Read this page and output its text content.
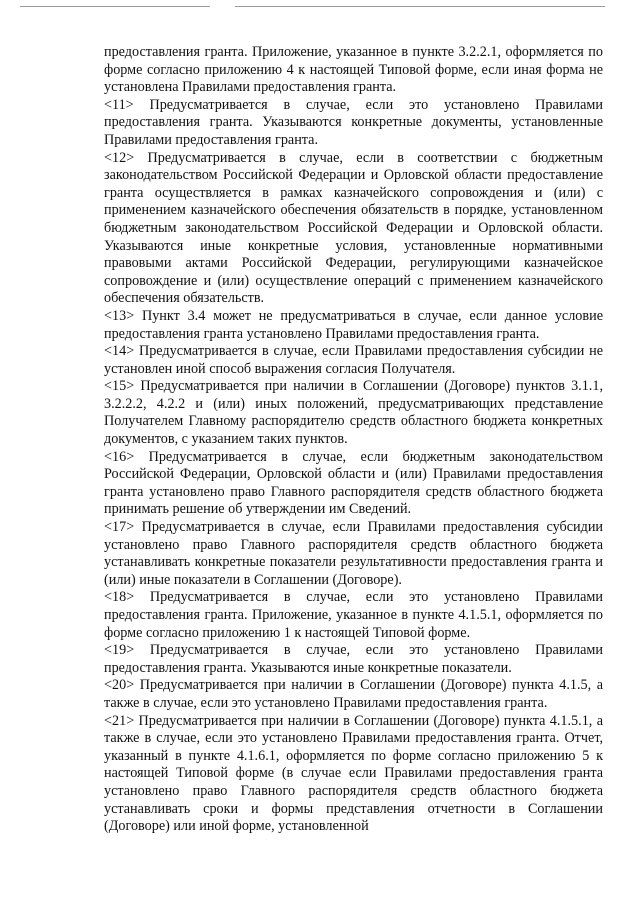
предоставления гранта. Приложение, указанное в пункте 3.2.2.1, оформляется по форме согласно приложению 4 к настоящей Типовой форме, если иная форма не установлена Правилами предоставления гранта.

<11> Предусматривается в случае, если это установлено Правилами предоставления гранта. Указываются конкретные документы, установленные Правилами предоставления гранта.

<12> Предусматривается в случае, если в соответствии с бюджетным законодательством Российской Федерации и Орловской области предоставление гранта осуществляется в рамках казначейского сопровождения и (или) с применением казначейского обеспечения обязательств в порядке, установленном бюджетным законодательством Российской Федерации и Орловской области. Указываются иные конкретные условия, установленные нормативными правовыми актами Российской Федерации, регулирующими казначейское сопровождение и (или) осуществление операций с применением казначейского обеспечения обязательств.

<13> Пункт 3.4 может не предусматриваться в случае, если данное условие предоставления гранта установлено Правилами предоставления гранта.

<14> Предусматривается в случае, если Правилами предоставления субсидии не установлен иной способ выражения согласия Получателя.

<15> Предусматривается при наличии в Соглашении (Договоре) пунктов 3.1.1, 3.2.2.2, 4.2.2 и (или) иных положений, предусматривающих представление Получателем Главному распорядителю средств областного бюджета конкретных документов, с указанием таких пунктов.

<16> Предусматривается в случае, если бюджетным законодательством Российской Федерации, Орловской области и (или) Правилами предоставления гранта установлено право Главного распорядителя средств областного бюджета принимать решение об утверждении им Сведений.

<17> Предусматривается в случае, если Правилами предоставления субсидии установлено право Главного распорядителя средств областного бюджета устанавливать конкретные показатели результативности предоставления гранта и (или) иные показатели в Соглашении (Договоре).

<18> Предусматривается в случае, если это установлено Правилами предоставления гранта. Приложение, указанное в пункте 4.1.5.1, оформляется по форме согласно приложению 1 к настоящей Типовой форме.

<19> Предусматривается в случае, если это установлено Правилами предоставления гранта. Указываются иные конкретные показатели.

<20> Предусматривается при наличии в Соглашении (Договоре) пункта 4.1.5, а также в случае, если это установлено Правилами предоставления гранта.

<21> Предусматривается при наличии в Соглашении (Договоре) пункта 4.1.5.1, а также в случае, если это установлено Правилами предоставления гранта. Отчет, указанный в пункте 4.1.6.1, оформляется по форме согласно приложению 5 к настоящей Типовой форме (в случае если Правилами предоставления гранта установлено право Главного распорядителя средств областного бюджета устанавливать сроки и формы представления отчетности в Соглашении (Договоре) или иной форме, установленной
